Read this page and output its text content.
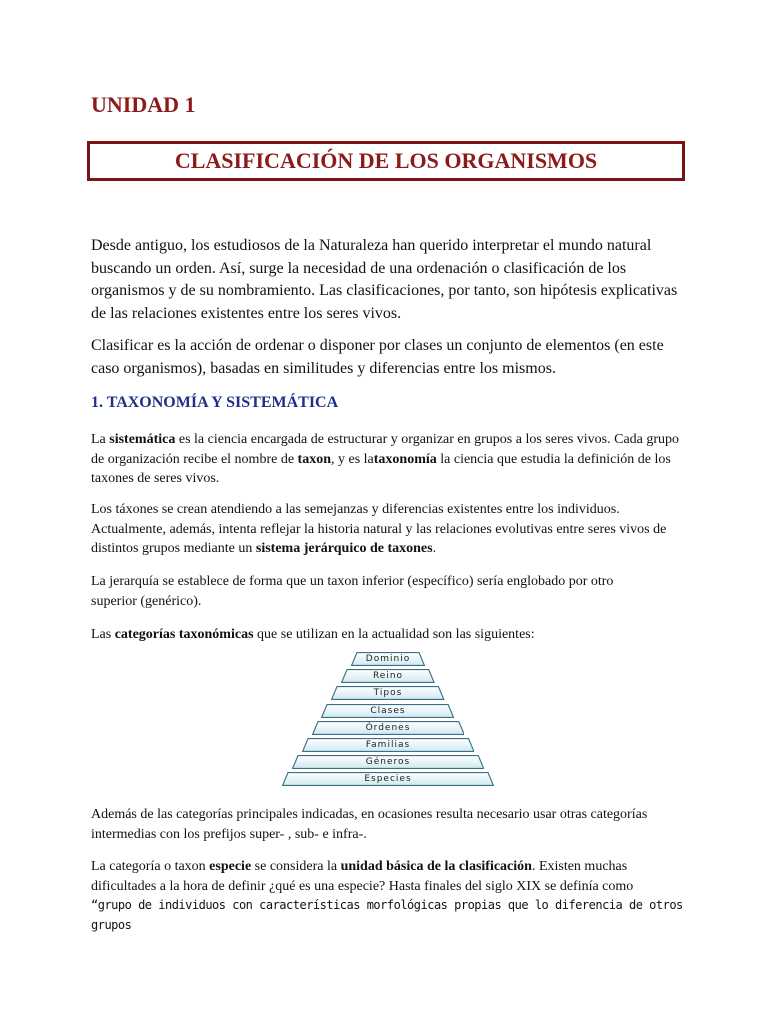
UNIDAD 1
CLASIFICACIÓN DE LOS ORGANISMOS

Desde antiguo, los estudiosos de la Naturaleza han querido interpretar el mundo natural buscando un orden. Así, surge la necesidad de una ordenación o clasificación de los organismos y de su nombramiento. Las clasificaciones, por tanto, son hipótesis explicativas de las relaciones existentes entre los seres vivos.

Clasificar es la acción de ordenar o disponer por clases un conjunto de elementos (en este caso organismos), basadas en similitudes y diferencias entre los mismos.

1. TAXONOMÍA Y SISTEMÁTICA

La sistemática es la ciencia encargada de estructurar y organizar en grupos a los seres vivos. Cada grupo de organización recibe el nombre de taxon, y es lataxonomía la ciencia que estudia la definición de los taxones de seres vivos.

Los táxones se crean atendiendo a las semejanzas y diferencias existentes entre los individuos. Actualmente, además, intenta reflejar la historia natural y las relaciones evolutivas entre seres vivos de distintos grupos mediante un sistema jerárquico de taxones.

La jerarquía se establece de forma que un taxon inferior (específico) sería englobado por otro superior (genérico).

Las categorías taxonómicas que se utilizan en la actualidad son las siguientes:

Dominio
Reino
Tipos
Clases
Órdenes
Familias
Géneros
Especies

Además de las categorías principales indicadas, en ocasiones resulta necesario usar otras categorías intermedias con los prefijos super- , sub- e infra-.

La categoría o taxon especie se considera la unidad básica de la clasificación. Existen muchas dificultades a la hora de definir ¿qué es una especie? Hasta finales del siglo XIX se definía como
“grupo de individuos con características morfológicas propias que lo diferencia de otros grupos
